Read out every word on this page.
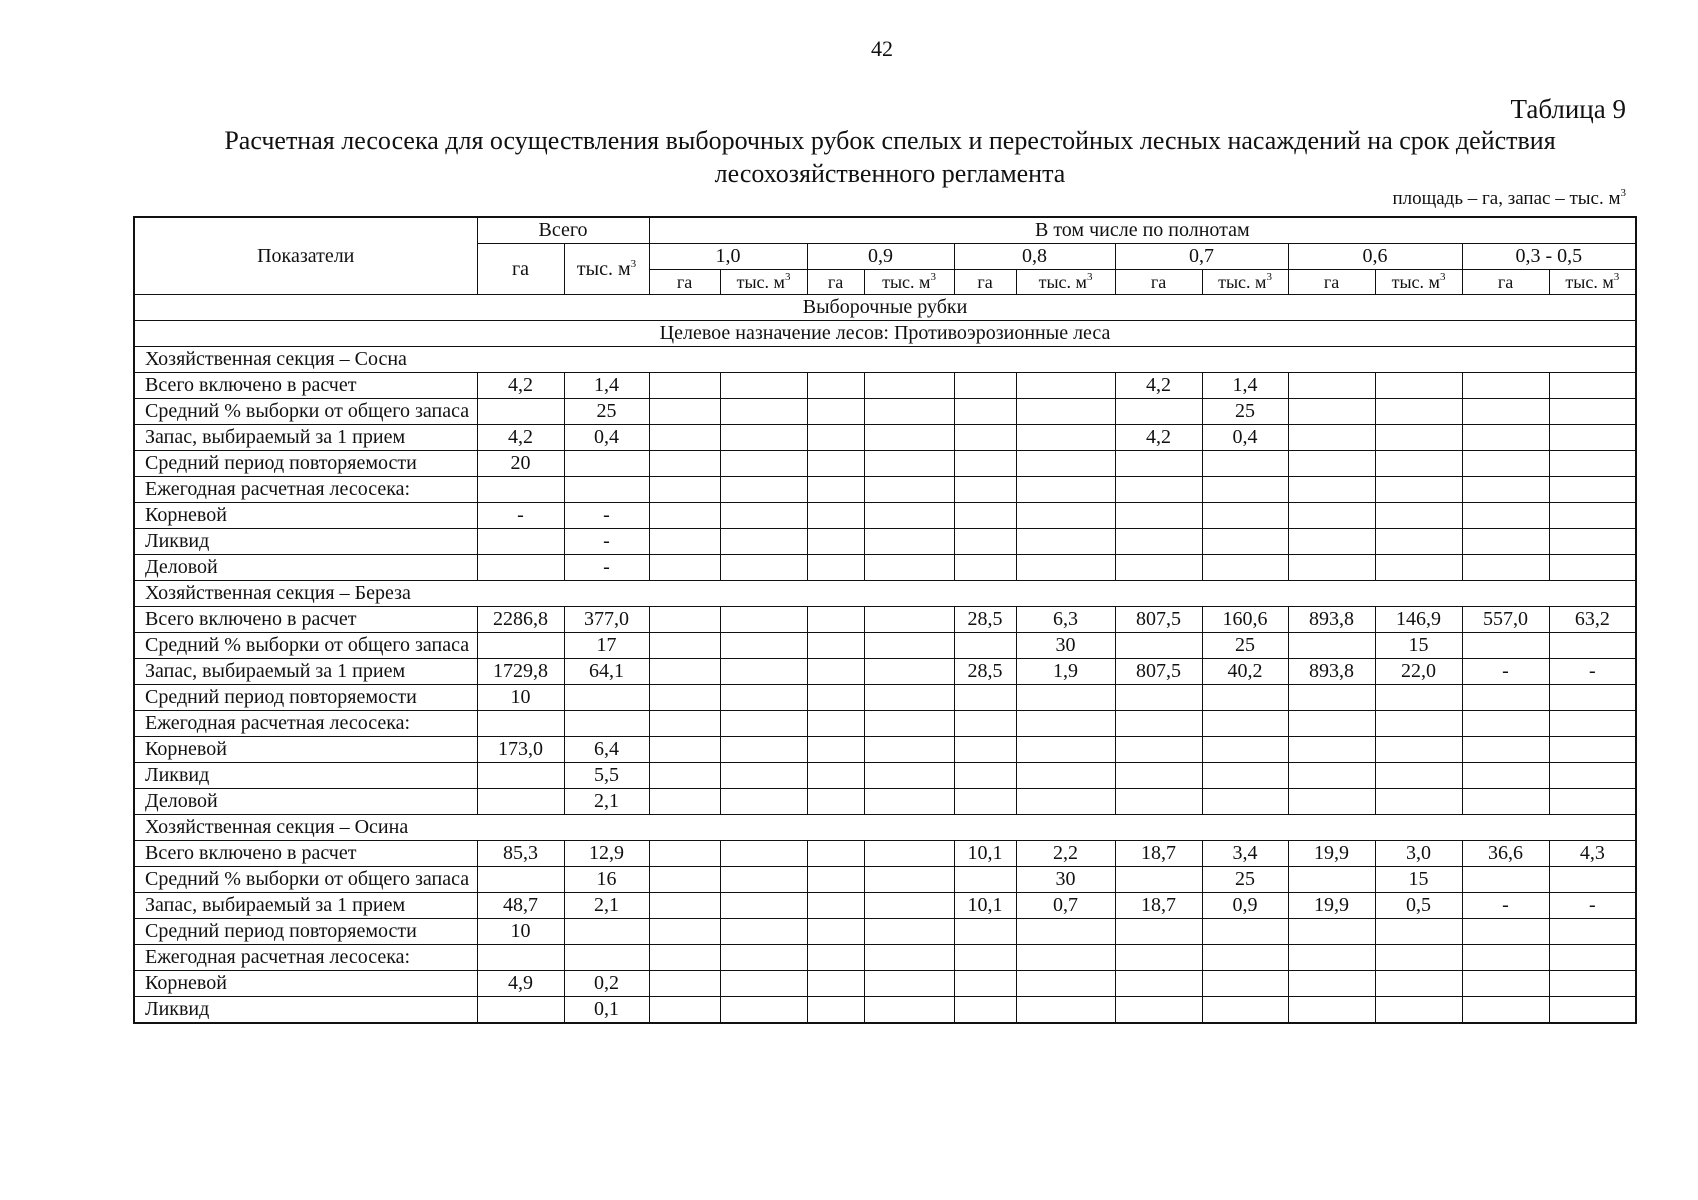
42
Таблица 9
Расчетная лесосека для осуществления выборочных рубок спелых и перестойных лесных насаждений на срок действия лесохозяйственного регламента
площадь – га, запас – тыс. $м^3$
Показатели	Всего		В том числе по полнотам											
	га	тыс. $м^3$	1,0		0,9		0,8		0,7		0,6		0,3 - 0,5	
			га	тыс. $м^3$	га	тыс. $м^3$	га	тыс. $м^3$	га	тыс. $м^3$	га	тыс. $м^3$	га	тыс. $м^3$
Выборочные рубки														
Целевое назначение лесов: Противоэрозионные леса														
Хозяйственная секция – Сосна														
Всего включено в расчет	4,2	1,4							4,2	1,4				
Средний % выборки от общего запаса		25								25				
Запас, выбираемый за 1 прием	4,2	0,4							4,2	0,4				
Средний период повторяемости	20													
Ежегодная расчетная лесосека:														
Корневой	-	-												
Ликвид		-												
Деловой		-												
Хозяйственная секция – Береза														
Всего включено в расчет	2286,8	377,0					28,5	6,3	807,5	160,6	893,8	146,9	557,0	63,2
Средний % выборки от общего запаса		17						30		25		15		
Запас, выбираемый за 1 прием	1729,8	64,1					28,5	1,9	807,5	40,2	893,8	22,0	-	-
Средний период повторяемости	10													
Ежегодная расчетная лесосека:														
Корневой	173,0	6,4												
Ликвид		5,5												
Деловой		2,1												
Хозяйственная секция – Осина														
Всего включено в расчет	85,3	12,9					10,1	2,2	18,7	3,4	19,9	3,0	36,6	4,3
Средний % выборки от общего запаса		16						30		25		15		
Запас, выбираемый за 1 прием	48,7	2,1					10,1	0,7	18,7	0,9	19,9	0,5	-	-
Средний период повторяемости	10													
Ежегодная расчетная лесосека:														
Корневой	4,9	0,2												
Ликвид		0,1												
